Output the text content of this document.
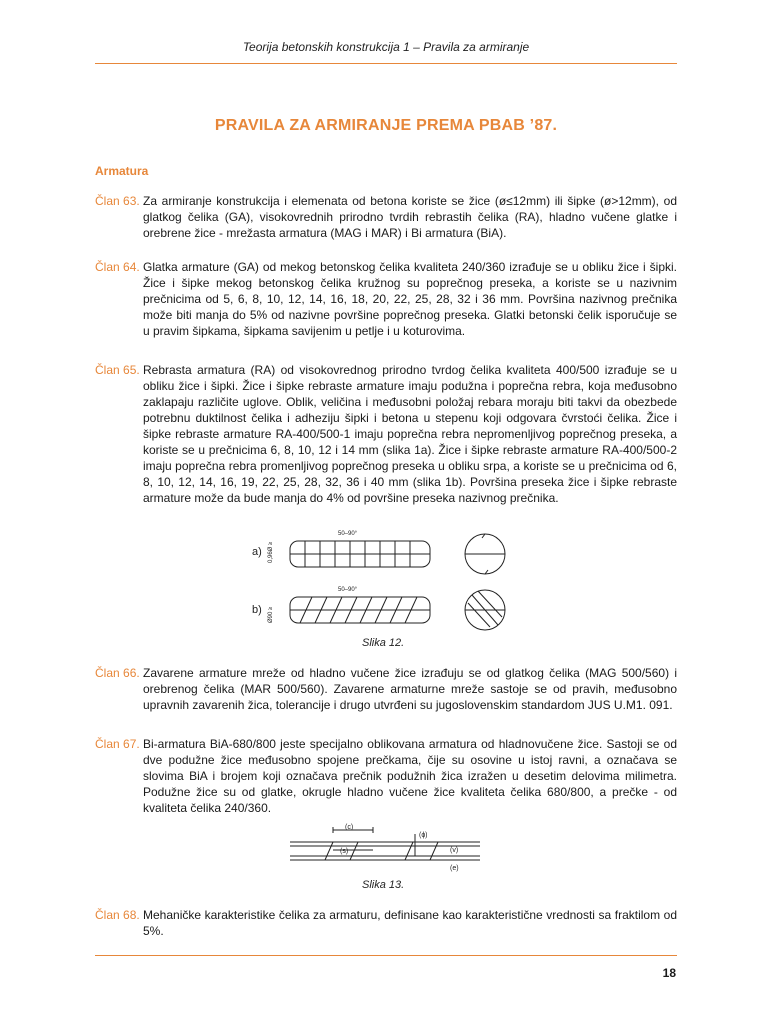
Teorija betonskih konstrukcija 1 – Pravila za armiranje
PRAVILA ZA ARMIRANJE PREMA PBAB ’87.
Armatura
Član 63. Za armiranje konstrukcija i elemenata od betona koriste se žice (ø≤12mm) ili šipke (ø>12mm), od glatkog čelika (GA), visokovrednih prirodno tvrdih rebrastih čelika (RA), hladno vučene glatke i orebrene žice - mrežasta armatura (MAG i MAR) i Bi armatura (BiA).
Član 64. Glatka armature (GA) od mekog betonskog čelika kvaliteta 240/360 izrađuje se u obliku žice i šipki. Žice i šipke mekog betonskog čelika kružnog su poprečnog preseka, a koriste se u nazivnim prečnicima od 5, 6, 8, 10, 12, 14, 16, 18, 20, 22, 25, 28, 32 i 36 mm. Površina nazivnog prečnika može biti manja do 5% od nazivne površine poprečnog preseka. Glatki betonski čelik isporučuje se u pravim šipkama, šipkama savijenim u petlje i u koturovima.
Član 65. Rebrasta armatura (RA) od visokovrednog prirodno tvrdog čelika kvaliteta 400/500 izrađuje se u obliku žice i šipki. Žice i šipke rebraste armature imaju podužna i poprečna rebra, koja međusobno zaklapaju različite uglove. Oblik, veličina i međusobni položaj rebara moraju biti takvi da obezbede potrebnu duktilnost čelika i adheziju šipki i betona u stepenu koji odgovara čvrstoći čelika. Žice i šipke rebraste armature RA-400/500-1 imaju poprečna rebra nepromenljivog poprečnog preseka, a koriste se u prečnicima 6, 8, 10, 12 i 14 mm (slika 1a). Žice i šipke rebraste armature RA-400/500-2 imaju poprečna rebra promenljivog poprečnog preseka u obliku srpa, a koriste se u prečnicima od 6, 8, 10, 12, 14, 16, 19, 22, 25, 28, 32, 36 i 40 mm (slika 1b). Površina preseka žice i šipke rebraste armature može da bude manja do 4% od površine preseka nazivnog prečnika.
a)
b)
0,96Ø ≥
Ø90 ≥
50–90°
50–90°
Slika 12.
Član 66. Zavarene armature mreže od hladno vučene žice izrađuju se od glatkog čelika (MAG 500/560) i orebrenog čelika (MAR 500/560). Zavarene armaturne mreže sastoje se od pravih, međusobno upravnih zavarenih žica, tolerancije i drugo utvrđeni su jugoslovenskim standardom JUS U.M1. 091.
Član 67. Bi-armatura BiA-680/800 jeste specijalno oblikovana armatura od hladnovučene žice. Sastoji se od dve podužne žice međusobno spojene prečkama, čije su osovine u istoj ravni, a označava se slovima BiA i brojem koji označava prečnik podužnih žica izražen u desetim delovima milimetra. Podužne žice su od glatke, okrugle hladno vučene žice kvaliteta čelika 680/800, a prečke - od kvaliteta čelika 240/360.
(c)
(s)
(ɸ)
(v)
(e)
Slika 13.
Član 68. Mehaničke karakteristike čelika za armaturu, definisane kao karakteristične vrednosti sa fraktilom od 5%.
18
